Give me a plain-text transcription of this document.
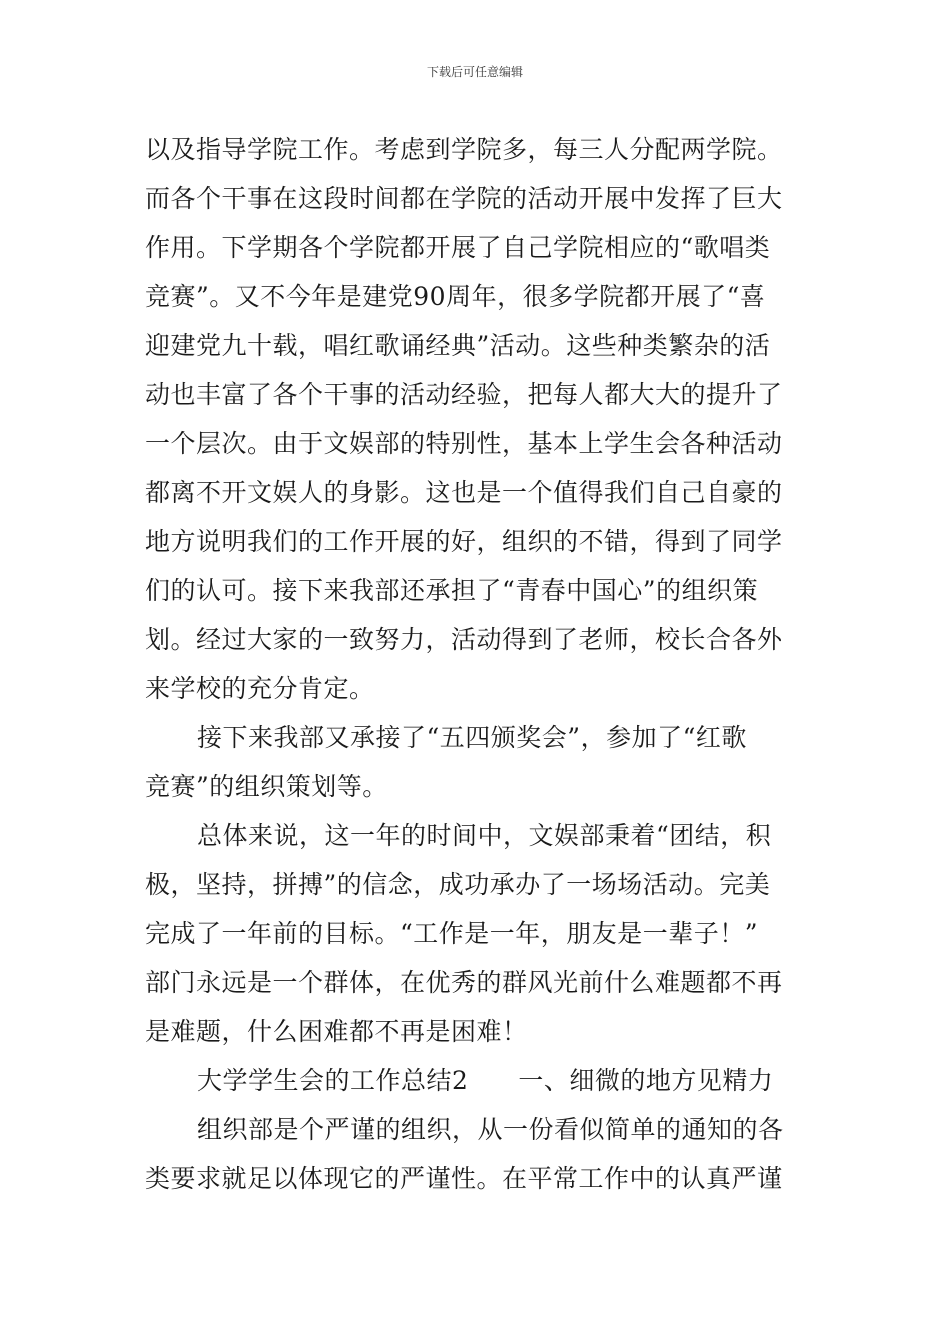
下载后可任意编辑

以及指导学院工作。考虑到学院多，每三人分配两学院。
而各个干事在这段时间都在学院的活动开展中发挥了巨大
作用。下学期各个学院都开展了自己学院相应的“歌唱类
竞赛”。又不今年是建党90周年，很多学院都开展了“喜
迎建党九十载，唱红歌诵经典”活动。这些种类繁杂的活
动也丰富了各个干事的活动经验，把每人都大大的提升了
一个层次。由于文娱部的特别性，基本上学生会各种活动
都离不开文娱人的身影。这也是一个值得我们自己自豪的
地方说明我们的工作开展的好，组织的不错，得到了同学
们的认可。接下来我部还承担了“青春中国心”的组织策
划。经过大家的一致努力，活动得到了老师，校长合各外
来学校的充分肯定。

接下来我部又承接了“五四颁奖会”，参加了“红歌
竞赛”的组织策划等。

总体来说，这一年的时间中，文娱部秉着“团结，积
极，坚持，拼搏”的信念，成功承办了一场场活动。完美
完成了一年前的目标。“工作是一年，朋友是一辈子！”
部门永远是一个群体，在优秀的群风光前什么难题都不再
是难题，什么困难都不再是困难！

大学学生会的工作总结2 一、细微的地方见精力

组织部是个严谨的组织，从一份看似简单的通知的各
类要求就足以体现它的严谨性。在平常工作中的认真严谨
